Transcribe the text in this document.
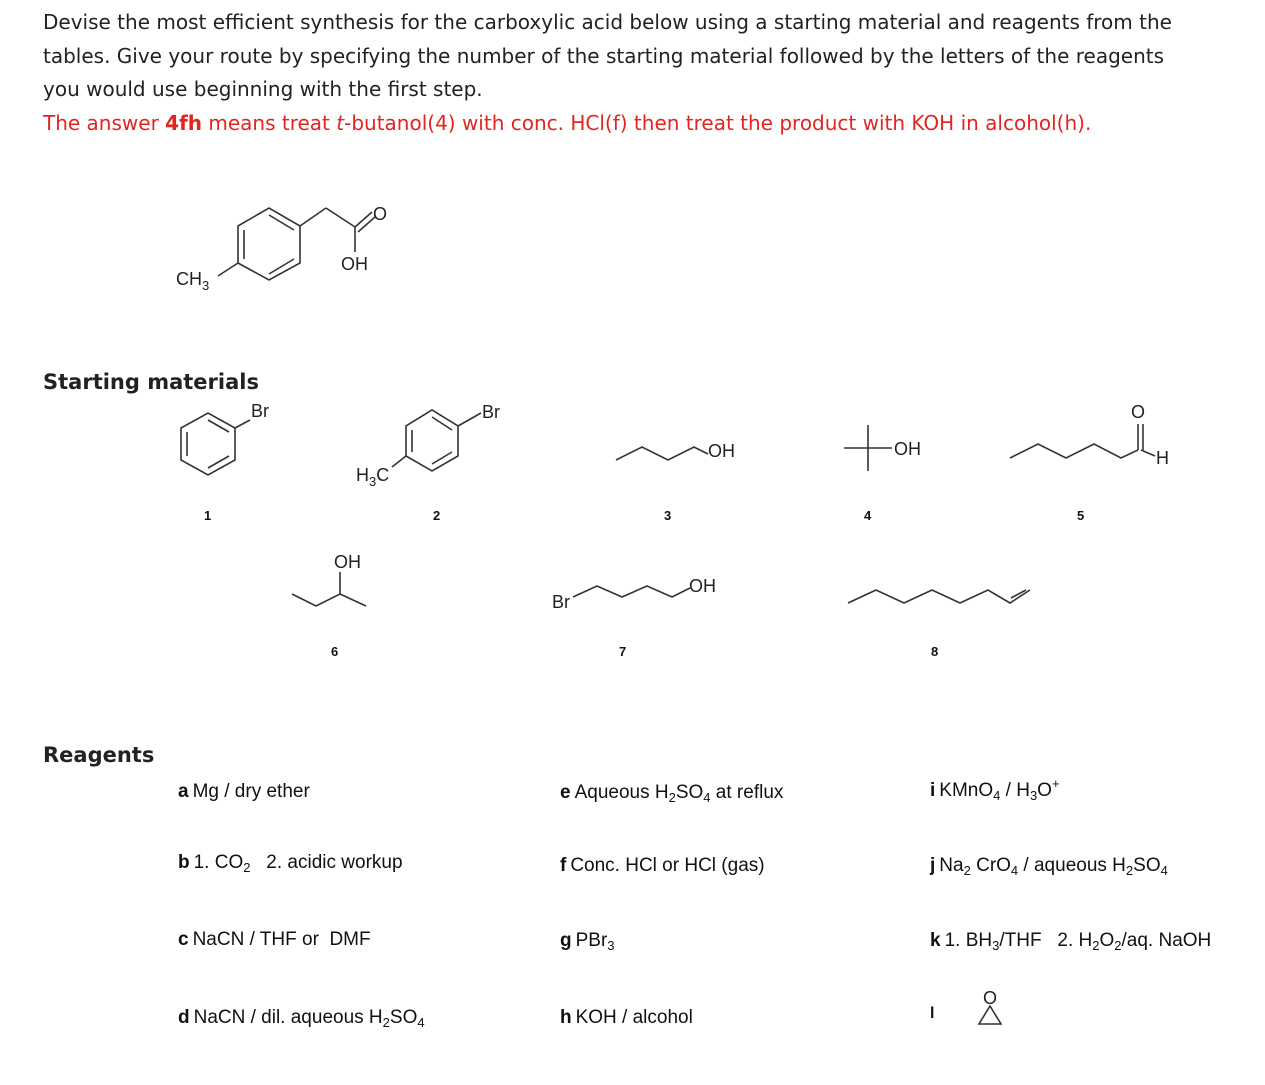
Devise the most efficient synthesis for the carboxylic acid below using a starting material and reagents from the
tables. Give your route by specifying the number of the starting material followed by the letters of the reagents
you would use beginning with the first step.
The answer 4fh means treat t-butanol(4) with conc. HCl(f) then treat the product with KOH in alcohol(h).
Starting materials
Reagents
$CH_3$
O
OH
Br
1
Br
$H_3C$
2
OH
3
OH
4
O
H
5
OH
6
Br
OH
7	8
O
a Mg / dry ether
b 1. $CO_2$   2. acidic workup
c NaCN / THF or  DMF
d NaCN / dil. aqueous $H_2SO_4$
e Aqueous $H_2SO_4$ at reflux
f Conc. HCl or HCl (gas)
g PBr$_3$
h KOH / alcohol
i KMnO$_4$ / $H_3O^+$
j $Na_2$ CrO$_4$ / aqueous $H_2SO_4$
k 1. $BH_3$/THF   2. $H_2O_2/aq$. NaOH
l
